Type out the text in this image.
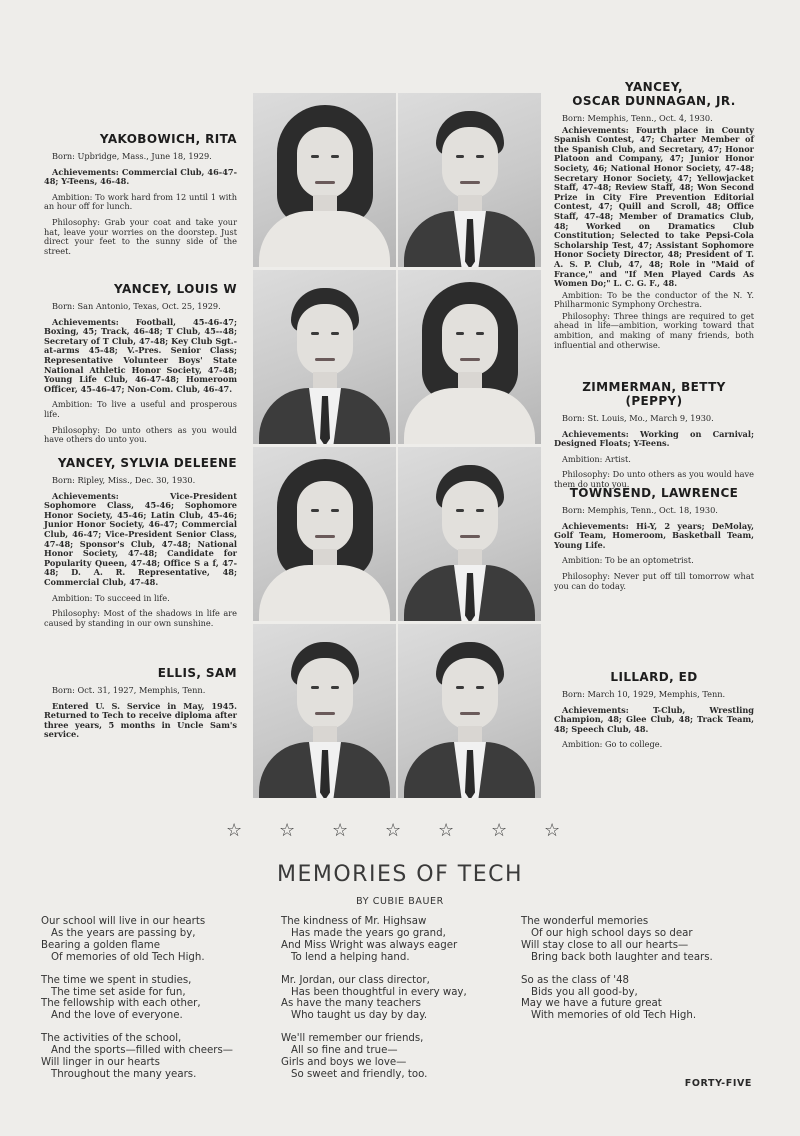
YAKOBOWICH, RITA

Born: Upbridge, Mass., June 18, 1929.

Achievements: Commercial Club, 46-47-48; Y-Teens, 46-48.

Ambition: To work hard from 12 until 1 with an hour off for lunch.

Philosophy: Grab your coat and take your hat, leave your worries on the doorstep. Just direct your feet to the sunny side of the street.

YANCEY, LOUIS W

Born: San Antonio, Texas, Oct. 25, 1929.

Achievements: Football, 45-46-47; Boxing, 45; Track, 46-48; T Club, 45--48; Secretary of T Club, 47-48; Key Club Sgt.-at-arms 45-48; V.-Pres. Senior Class; Representative Volunteer Boys' State National Athletic Honor Society, 47-48; Young Life Club, 46-47-48; Homeroom Officer, 45-46-47; Non-Com. Club, 46-47.

Ambition: To live a useful and prosperous life.

Philosophy: Do unto others as you would have others do unto you.

YANCEY, SYLVIA DELEENE

Born: Ripley, Miss., Dec. 30, 1930.

Achievements: Vice-President Sophomore Class, 45-46; Sophomore Honor Society, 45-46; Latin Club, 45-46; Junior Honor Society, 46-47; Commercial Club, 46-47; Vice-President Senior Class, 47-48; Sponsor's Club, 47-48; National Honor Society, 47-48; Candidate for Popularity Queen, 47-48; Office S a f, 47-48; D. A. R. Representative, 48; Commercial Club, 47-48.

Ambition: To succeed in life.

Philosophy: Most of the shadows in life are caused by standing in our own sunshine.

ELLIS, SAM

Born: Oct. 31, 1927, Memphis, Tenn.

Entered U. S. Service in May, 1945. Returned to Tech to receive diploma after three years, 5 months in Uncle Sam's service.

YANCEY,
OSCAR DUNNAGAN, JR.

Born: Memphis, Tenn., Oct. 4, 1930.

Achievements: Fourth place in County Spanish Contest, 47; Charter Member of the Spanish Club, and Secretary, 47; Honor Platoon and Company, 47; Junior Honor Society, 46; National Honor Society, 47-48; Secretary Honor Society, 47; Yellowjacket Staff, 47-48; Review Staff, 48; Won Second Prize in City Fire Prevention Editorial Contest, 47; Quill and Scroll, 48; Office Staff, 47-48; Member of Dramatics Club, 48; Worked on Dramatics Club Constitution; Selected to take Pepsi-Cola Scholarship Test, 47; Assistant Sophomore Honor Society Director, 48; President of T. A. S. P. Club, 47, 48; Role in "Maid of France," and "If Men Played Cards As Women Do;" L. C. G. F., 48.

Ambition: To be the conductor of the N. Y. Philharmonic Symphony Orchestra.

Philosophy: Three things are required to get ahead in life—ambition, working toward that ambition, and making of many friends, both influential and otherwise.

ZIMMERMAN, BETTY (PEPPY)

Born: St. Louis, Mo., March 9, 1930.

Achievements: Working on Carnival; Designed Floats; Y-Teens.

Ambition: Artist.

Philosophy: Do unto others as you would have them do unto you.

TOWNSEND, LAWRENCE

Born: Memphis, Tenn., Oct. 18, 1930.

Achievements: Hi-Y, 2 years; DeMolay, Golf Team, Homeroom, Basketball Team, Young Life.

Ambition: To be an optometrist.

Philosophy: Never put off till tomorrow what you can do today.

LILLARD, ED

Born: March 10, 1929, Memphis, Tenn.

Achievements: T-Club, Wrestling Champion, 48; Glee Club, 48; Track Team, 48; Speech Club, 48.

Ambition: Go to college.

☆ ☆ ☆ ☆ ☆ ☆ ☆
MEMORIES OF TECH
BY CUBIE BAUER
Our school will live in our hearts
As the years are passing by,
Bearing a golden flame
Of memories of old Tech High.
The time we spent in studies,
The time set aside for fun,
The fellowship with each other,
And the love of everyone.
The activities of the school,
And the sports—filled with cheers—
Will linger in our hearts
Throughout the many years.
The kindness of Mr. Highsaw
Has made the years go grand,
And Miss Wright was always eager
To lend a helping hand.
Mr. Jordan, our class director,
Has been thoughtful in every way,
As have the many teachers
Who taught us day by day.
We'll remember our friends,
All so fine and true—
Girls and boys we love—
So sweet and friendly, too.
The wonderful memories
Of our high school days so dear
Will stay close to all our hearts—
Bring back both laughter and tears.
So as the class of '48
Bids you all good-by,
May we have a future great
With memories of old Tech High.
FORTY-FIVE
